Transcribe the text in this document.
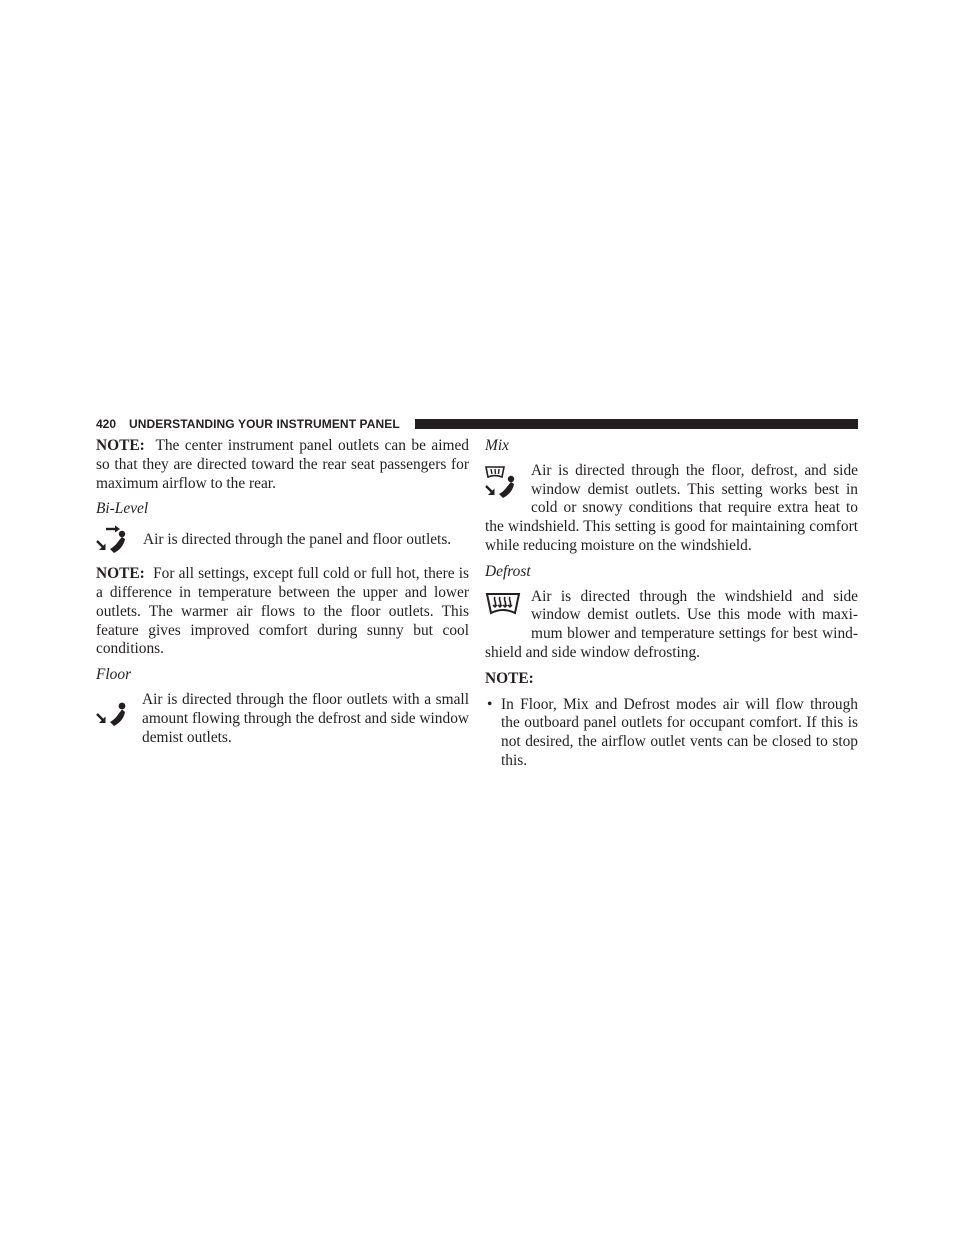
420 UNDERSTANDING YOUR INSTRUMENT PANEL

NOTE: The center instrument panel outlets can be aimed so that they are directed toward the rear seat passengers for maximum airflow to the rear.

Bi-Level

Air is directed through the panel and floor outlets.

NOTE: For all settings, except full cold or full hot, there is a difference in temperature between the upper and lower outlets. The warmer air flows to the floor outlets. This feature gives improved comfort during sunny but cool conditions.

Floor

Air is directed through the floor outlets with a small amount flowing through the defrost and side window demist outlets.

Mix

Air is directed through the floor, defrost, and side window demist outlets. This setting works best in cold or snowy conditions that require extra heat to the windshield. This setting is good for maintaining comfort while reducing moisture on the windshield.

Defrost

Air is directed through the windshield and side window demist outlets. Use this mode with maximum blower and temperature settings for best windshield and side window defrosting.

NOTE:

• In Floor, Mix and Defrost modes air will flow through the outboard panel outlets for occupant comfort. If this is not desired, the airflow outlet vents can be closed to stop this.
